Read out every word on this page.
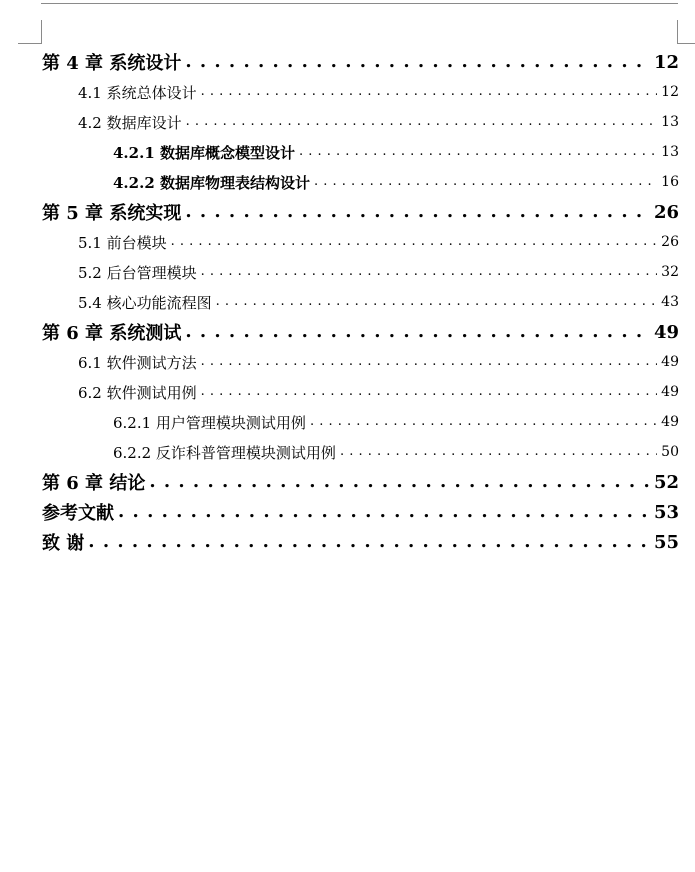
第 4 章 系统设计 . . .	12
4.1 系统总体设计 . . .	12
4.2 数据库设计 . . .	13
4.2.1 数据库概念模型设计 . . .	13
4.2.2 数据库物理表结构设计 . . .	16
第 5 章 系统实现 . . .	26
5.1 前台模块 . . .	26
5.2 后台管理模块 . . .	32
5.4 核心功能流程图 . . .	43
第 6 章 系统测试 . . .	49
6.1 软件测试方法 . . .	49
6.2 软件测试用例 . . .	49
6.2.1 用户管理模块测试用例 . . .	49
6.2.2 反诈科普管理模块测试用例 . . .	50
第 6 章 结论 . . .	52
参考文献 . . .	53
致 谢 . . .	55
